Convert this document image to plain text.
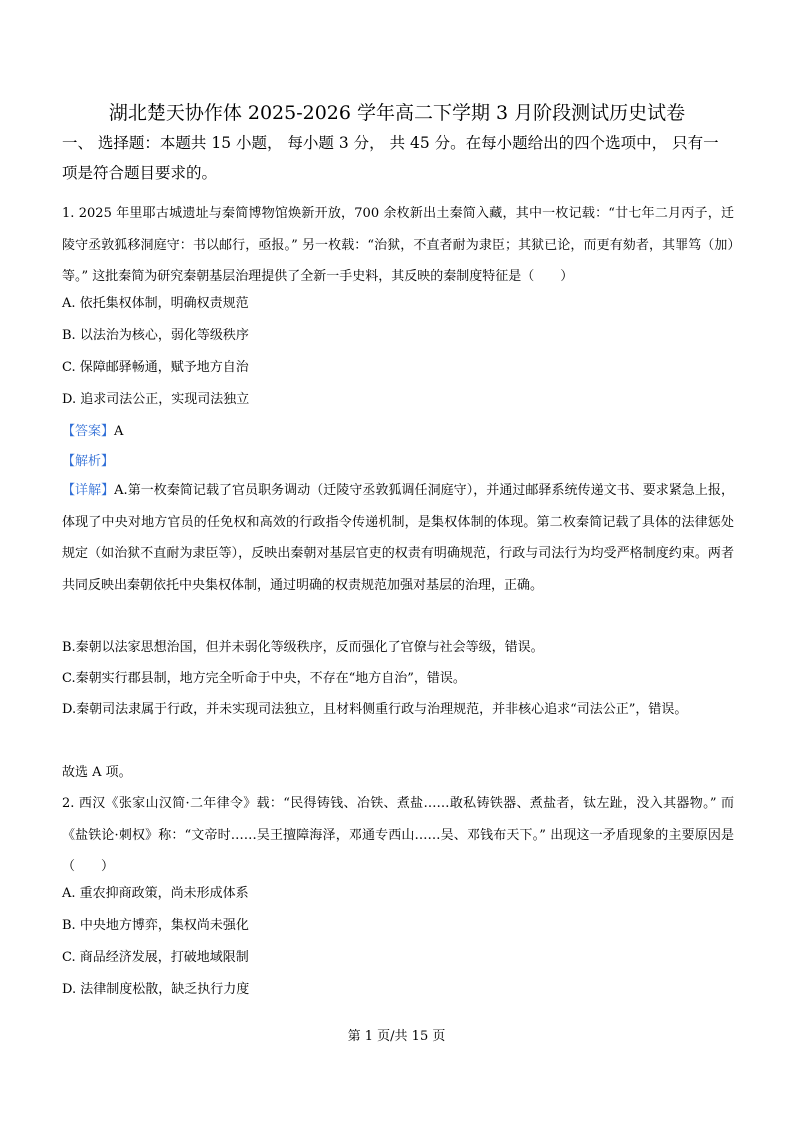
湖北楚天协作体 2025-2026 学年高二下学期 3 月阶段测试历史试卷
一、 选择题：本题共 15 小题， 每小题 3 分， 共 45 分。在每小题给出的四个选项中， 只有一项是符合题目要求的。
1. 2025 年里耶古城遗址与秦简博物馆焕新开放，700 余枚新出土秦简入藏，其中一枚记载：“廿七年二月丙子，迁陵守丞敦狐移洞庭守：书以邮行，亟报。” 另一枚载：“治狱，不直者耐为隶臣；其狱已论，而更有劾者，其罪笃（加）等。” 这批秦简为研究秦朝基层治理提供了全新一手史料，其反映的秦制度特征是（　　）
A. 依托集权体制，明确权责规范
B. 以法治为核心，弱化等级秩序
C. 保障邮驿畅通，赋予地方自治
D. 追求司法公正，实现司法独立
【答案】A
【解析】
【详解】A.第一枚秦简记载了官员职务调动（迁陵守丞敦狐调任洞庭守），并通过邮驿系统传递文书、要求紧急上报，体现了中央对地方官员的任免权和高效的行政指令传递机制，是集权体制的体现。第二枚秦简记载了具体的法律惩处规定（如治狱不直耐为隶臣等），反映出秦朝对基层官吏的权责有明确规范，行政与司法行为均受严格制度约束。两者共同反映出秦朝依托中央集权体制，通过明确的权责规范加强对基层的治理，正确。
B.秦朝以法家思想治国，但并未弱化等级秩序，反而强化了官僚与社会等级，错误。
C.秦朝实行郡县制，地方完全听命于中央，不存在“地方自治”，错误。
D.秦朝司法隶属于行政，并未实现司法独立，且材料侧重行政与治理规范，并非核心追求“司法公正”，错误。
故选 A 项。
2. 西汉《张家山汉简·二年律令》载：“民得铸钱、冶铁、煮盐……敢私铸铁器、煮盐者，钛左趾，没入其器物。” 而《盐铁论·刺权》称：“文帝时……吴王擅障海泽，邓通专西山……吴、邓钱布天下。” 出现这一矛盾现象的主要原因是（　　）
A. 重农抑商政策，尚未形成体系
B. 中央地方博弈，集权尚未强化
C. 商品经济发展，打破地域限制
D. 法律制度松散，缺乏执行力度
第 1 页/共 15 页
